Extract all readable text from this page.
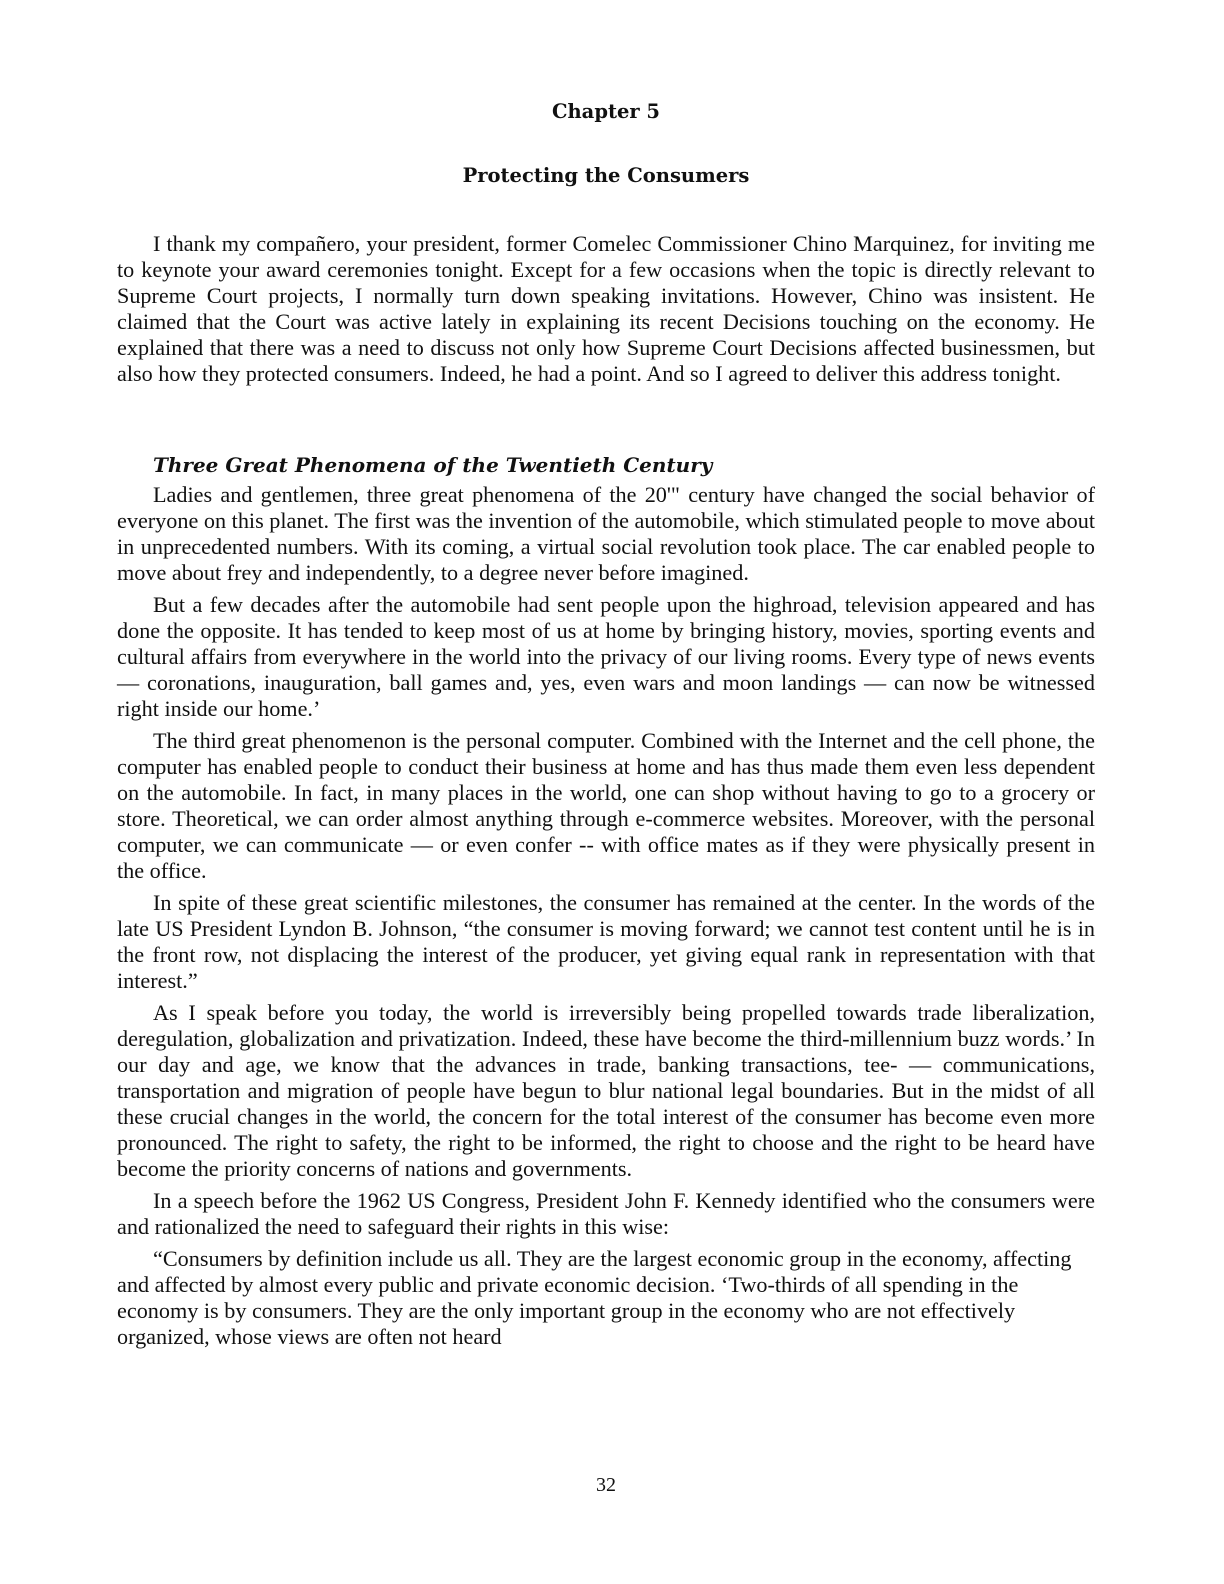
Chapter 5
Protecting the Consumers

I thank my compañero, your president, former Comelec Commissioner Chino Marquinez, for inviting me to keynote your award ceremonies tonight. Except for a few occasions when the topic is directly relevant to Supreme Court projects, I normally turn down speaking invitations. However, Chino was insistent. He claimed that the Court was active lately in explaining its recent Decisions touching on the economy. He explained that there was a need to discuss not only how Supreme Court Decisions affected businessmen, but also how they protected consumers. Indeed, he had a point. And so I agreed to deliver this address tonight.

Three Great Phenomena of the Twentieth Century

Ladies and gentlemen, three great phenomena of the 20'" century have changed the social behavior of everyone on this planet. The first was the invention of the automobile, which stimulated people to move about in unprecedented numbers. With its coming, a virtual social revolution took place. The car enabled people to move about frey and independently, to a degree never before imagined.

But a few decades after the automobile had sent people upon the highroad, television appeared and has done the opposite. It has tended to keep most of us at home by bringing history, movies, sporting events and cultural affairs from everywhere in the world into the privacy of our living rooms. Every type of news events — coronations, inauguration, ball games and, yes, even wars and moon landings — can now be witnessed right inside our home.’

The third great phenomenon is the personal computer. Combined with the Internet and the cell phone, the computer has enabled people to conduct their business at home and has thus made them even less dependent on the automobile. In fact, in many places in the world, one can shop without having to go to a grocery or store. Theoretical, we can order almost anything through e-commerce websites. Moreover, with the personal computer, we can communicate — or even confer -- with office mates as if they were physically present in the office.

In spite of these great scientific milestones, the consumer has remained at the center. In the words of the late US President Lyndon B. Johnson, “the consumer is moving forward; we cannot test content until he is in the front row, not displacing the interest of the producer, yet giving equal rank in representation with that interest.”

As I speak before you today, the world is irreversibly being propelled towards trade liberalization, deregulation, globalization and privatization. Indeed, these have become the third-millennium buzz words.’ In our day and age, we know that the advances in trade, banking transactions, tee- — communications, transportation and migration of people have begun to blur national legal boundaries. But in the midst of all these crucial changes in the world, the concern for the total interest of the consumer has become even more pronounced. The right to safety, the right to be informed, the right to choose and the right to be heard have become the priority concerns of nations and governments.

In a speech before the 1962 US Congress, President John F. Kennedy identified who the consumers were and rationalized the need to safeguard their rights in this wise:

“Consumers by definition include us all. They are the largest economic group in the economy, affecting and affected by almost every public and private economic decision. ‘Two-thirds of all spending in the economy is by consumers. They are the only important group in the economy who are not effectively organized, whose views are often not heard

32
